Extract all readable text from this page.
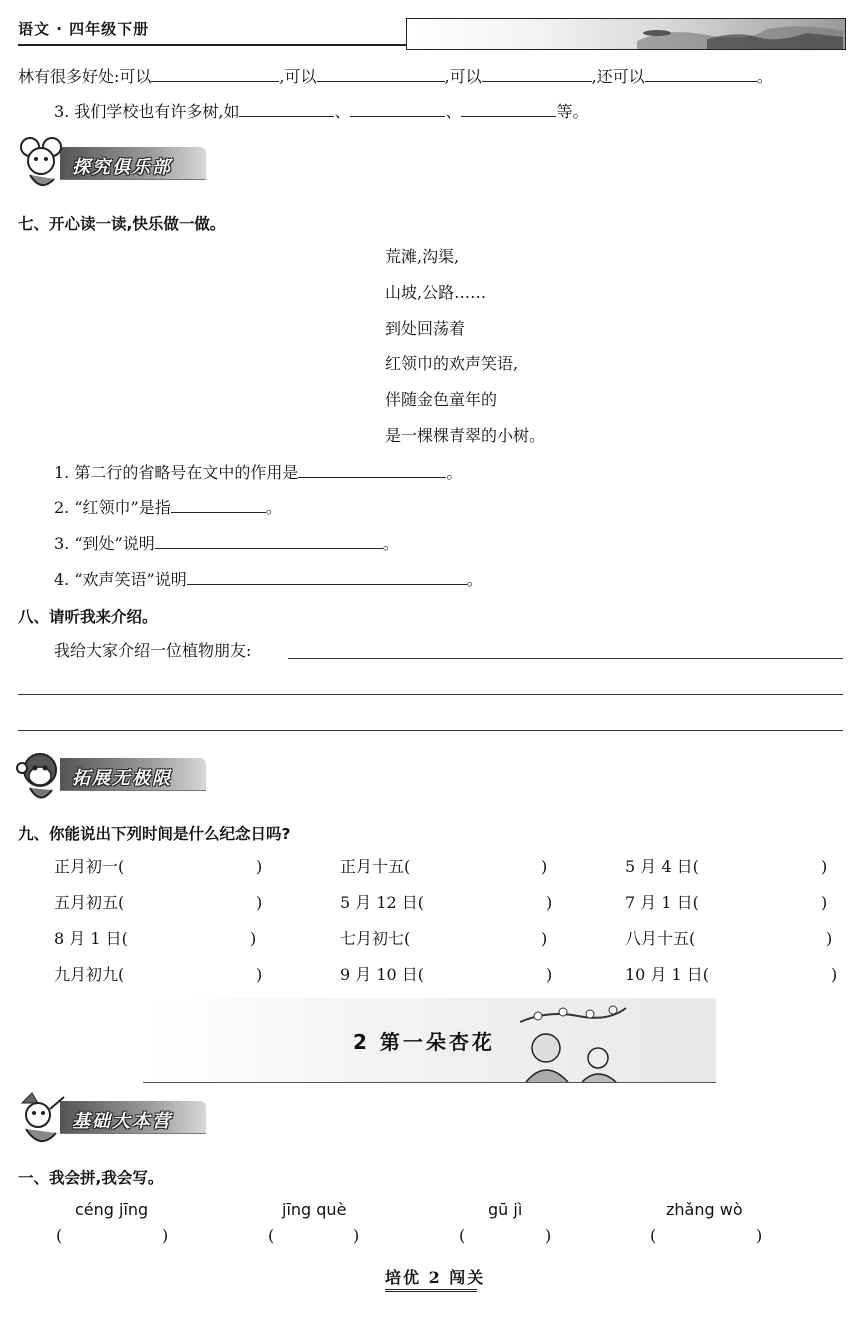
语文 · 四年级下册
林有很多好处:可以	,可以	,可以	,还可以	。
3. 我们学校也有许多树,如	、	、	等。
探究俱乐部
七、开心读一读,快乐做一做。
荒滩,沟渠,
山坡,公路……
到处回荡着
红领巾的欢声笑语,
伴随金色童年的
是一棵棵青翠的小树。
1. 第二行的省略号在文中的作用是	。
2. “红领巾”是指	。
3. “到处”说明	。
4. “欢声笑语”说明	。
八、请听我来介绍。
我给大家介绍一位植物朋友:
拓展无极限
九、你能说出下列时间是什么纪念日吗?
正月初一(	)	正月十五(	)	5 月 4 日(	)
五月初五(	)	5 月 12 日(	)	7 月 1 日(	)
8 月 1 日(	)	七月初七(	)	八月十五(	)
九月初九(	)	9 月 10 日(	)	10 月 1 日(	)
2 第一朵杏花
基础大本营
一、我会拼,我会写。
céng jīng	jīng què	gū jì	zhǎng wò
(	)	(	)	(	)	(	)
培优 2 闯关
